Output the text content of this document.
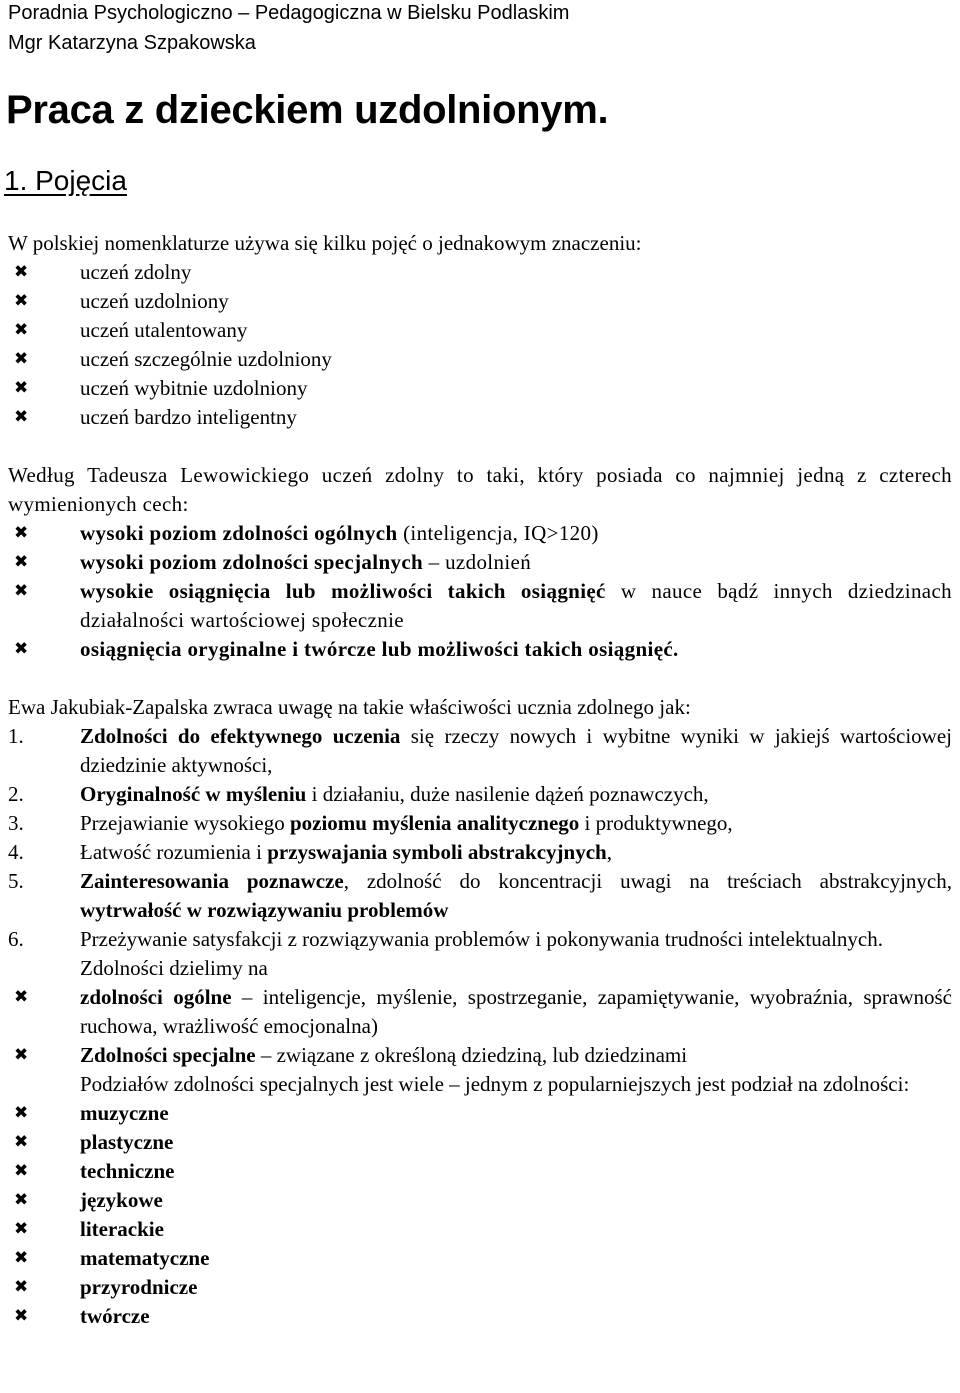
Poradnia Psychologiczno – Pedagogiczna w Bielsku Podlaskim
Mgr Katarzyna Szpakowska
Praca z dzieckiem uzdolnionym.
1. Pojęcia

W polskiej nomenklaturze używa się kilku pojęć o jednakowym znaczeniu:

✖ uczeń zdolny
✖ uczeń uzdolniony
✖ uczeń utalentowany
✖ uczeń szczególnie uzdolniony
✖ uczeń wybitnie uzdolniony
✖ uczeń bardzo inteligentny

Według Tadeusza Lewowickiego uczeń zdolny to taki, który posiada co najmniej jedną z czterech wymienionych cech:

✖ wysoki poziom zdolności ogólnych (inteligencja, IQ>120)
✖ wysoki poziom zdolności specjalnych – uzdolnień
✖ wysokie osiągnięcia lub możliwości takich osiągnięć w nauce bądź innych dziedzinach działalności wartościowej społecznie
✖ osiągnięcia oryginalne i twórcze lub możliwości takich osiągnięć.

Ewa Jakubiak-Zapalska zwraca uwagę na takie właściwości ucznia zdolnego jak:

1.	Zdolności do efektywnego uczenia się rzeczy nowych i wybitne wyniki w jakiejś wartościowej dziedzinie aktywności,
2.	Oryginalność w myśleniu i działaniu, duże nasilenie dążeń poznawczych,
3.	Przejawianie wysokiego poziomu myślenia analitycznego i produktywnego,
4.	Łatwość rozumienia i przyswajania symboli abstrakcyjnych,
5.	Zainteresowania poznawcze, zdolność do koncentracji uwagi na treściach abstrakcyjnych, wytrwałość w rozwiązywaniu problemów
6.	Przeżywanie satysfakcji z rozwiązywania problemów i pokonywania trudności intelektualnych.

Zdolności dzielimy na

✖ zdolności ogólne – inteligencje, myślenie, spostrzeganie, zapamiętywanie, wyobraźnia, sprawność ruchowa, wrażliwość emocjonalna)
✖ Zdolności specjalne – związane z określoną dziedziną, lub dziedzinami

Podziałów zdolności specjalnych jest wiele – jednym z popularniejszych jest podział na zdolności:

✖ muzyczne
✖ plastyczne
✖ techniczne
✖ językowe
✖ literackie
✖ matematyczne
✖ przyrodnicze
✖ twórcze
